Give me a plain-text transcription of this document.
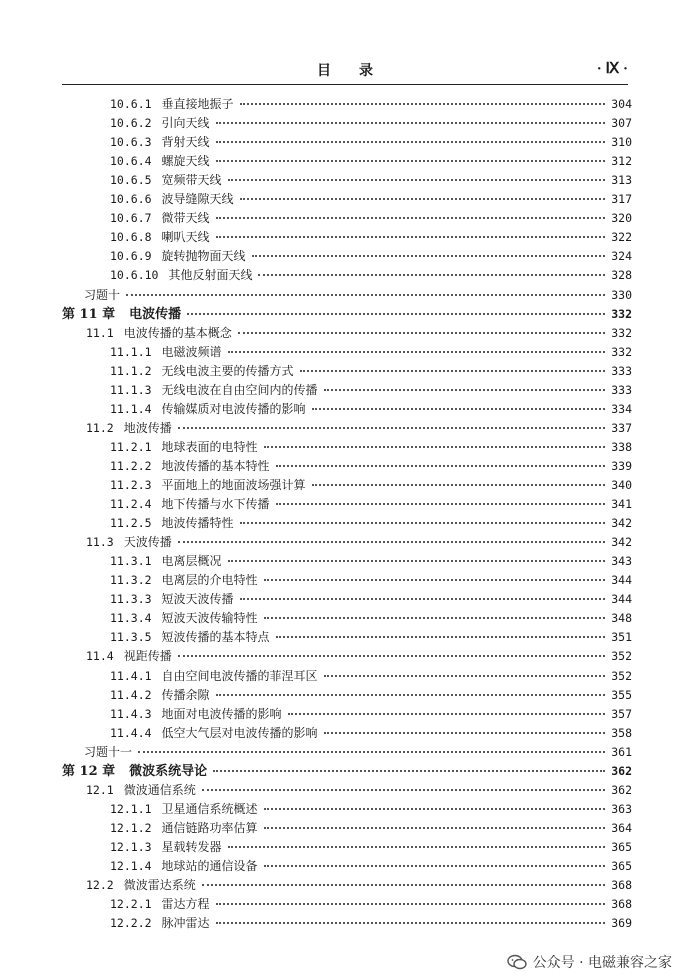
目　　录	· Ⅸ ·
10.6.1 垂直接地振子	304
10.6.2 引向天线	307
10.6.3 背射天线	310
10.6.4 螺旋天线	312
10.6.5 宽频带天线	313
10.6.6 波导缝隙天线	317
10.6.7 微带天线	320
10.6.8 喇叭天线	322
10.6.9 旋转抛物面天线	324
10.6.10 其他反射面天线	328
习题十	330
第 11 章 电波传播	332
11.1 电波传播的基本概念	332
11.1.1 电磁波频谱	332
11.1.2 无线电波主要的传播方式	333
11.1.3 无线电波在自由空间内的传播	333
11.1.4 传输媒质对电波传播的影响	334
11.2 地波传播	337
11.2.1 地球表面的电特性	338
11.2.2 地波传播的基本特性	339
11.2.3 平面地上的地面波场强计算	340
11.2.4 地下传播与水下传播	341
11.2.5 地波传播特性	342
11.3 天波传播	342
11.3.1 电离层概况	343
11.3.2 电离层的介电特性	344
11.3.3 短波天波传播	344
11.3.4 短波天波传输特性	348
11.3.5 短波传播的基本特点	351
11.4 视距传播	352
11.4.1 自由空间电波传播的菲涅耳区	352
11.4.2 传播余隙	355
11.4.3 地面对电波传播的影响	357
11.4.4 低空大气层对电波传播的影响	358
习题十一	361
第 12 章 微波系统导论	362
12.1 微波通信系统	362
12.1.1 卫星通信系统概述	363
12.1.2 通信链路功率估算	364
12.1.3 星载转发器	365
12.1.4 地球站的通信设备	365
12.2 微波雷达系统	368
12.2.1 雷达方程	368
12.2.2 脉冲雷达	369
公众号 · 电磁兼容之家
